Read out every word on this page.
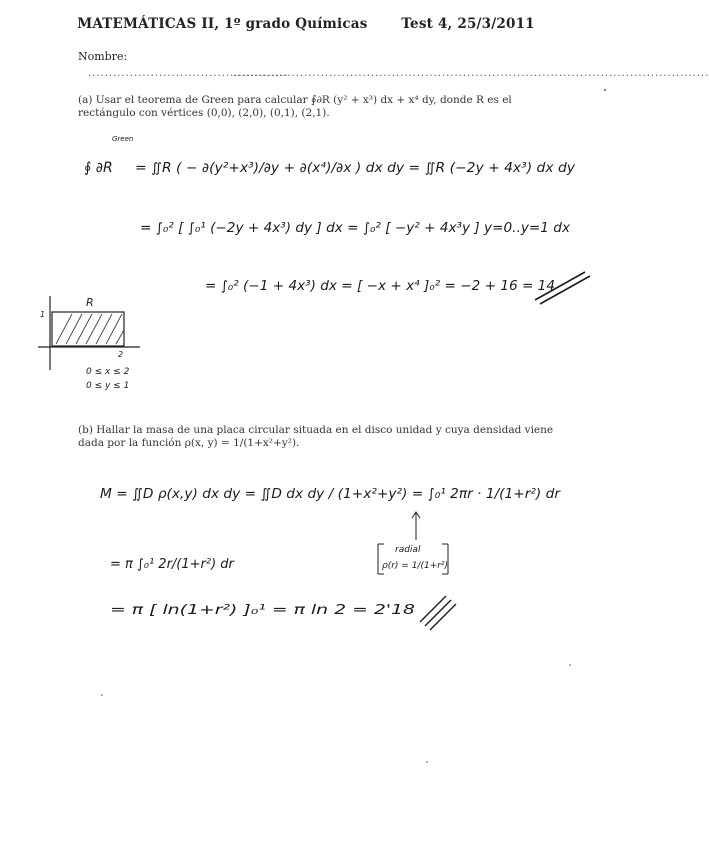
MATEMÁTICAS II, 1º grado Químicas	Test 4, 25/3/2011
Nombre:
................................................
..................................................................................................................
(a) Usar el teorema de Green para calcular ∮∂R (y² + x³) dx + x⁴ dy, donde R es el rectángulo con vértices (0,0), (2,0), (0,1), (2,1).
(b) Hallar la masa de una placa circular situada en el disco unidad y cuya densidad viene dada por la función ρ(x, y) = 1/(1+x²+y²).
Green
∮ ∂R = ∬R ( − ∂(y²+x³)/∂y + ∂(x⁴)/∂x ) dx dy = ∬R (−2y + 4x³) dx dy
= ∫₀² [ ∫₀¹ (−2y + 4x³) dy ] dx = ∫₀² [ −y² + 4x³y ] y=0..y=1 dx
= ∫₀² (−1 + 4x³) dx = [ −x + x⁴ ]₀² = −2 + 16 = 14
R
1
2
0 ≤ x ≤ 2
0 ≤ y ≤ 1
M = ∬D ρ(x,y) dx dy = ∬D dx dy / (1+x²+y²) = ∫₀¹ 2πr · 1/(1+r²) dr
radial
ρ(r) = 1/(1+r²)
= π ∫₀¹ 2r/(1+r²) dr
= π [ ln(1+r²) ]₀¹ = π ln 2 = 2'18
